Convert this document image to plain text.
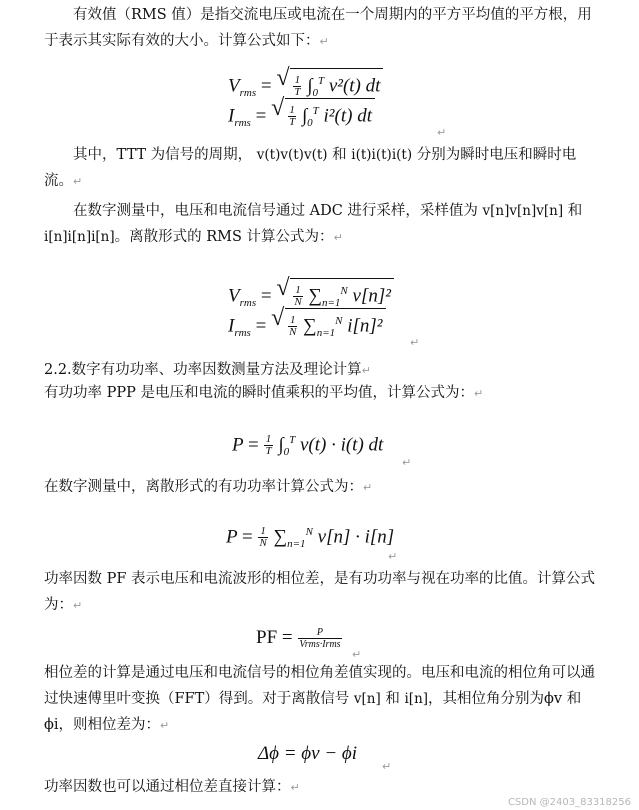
有效值（RMS 值）是指交流电压或电流在一个周期内的平方平均值的平方根，用于表示其实际有效的大小。计算公式如下：↵
$V_{rms}$ = √ $\frac{1}{T} \int_0^T$ v²(t) dt
$I_{rms}$ = √ $\frac{1}{T} \int_0^T$ i²(t) dt
↵
其中，TTT 为信号的周期， v(t)v(t)v(t) 和 i(t)i(t)i(t) 分别为瞬时电压和瞬时电流。↵
在数字测量中，电压和电流信号通过 ADC 进行采样，采样值为 v[n]v[n]v[n] 和 i[n]i[n]i[n]。离散形式的 RMS 计算公式为：↵
$V_{rms}$ = √ $\frac{1}{N} \sum_{n=1}^N$ v[n]²
$I_{rms}$ = √ $\frac{1}{N} \sum_{n=1}^N$ i[n]²
↵
2.2.数字有功功率、功率因数测量方法及理论计算↵
有功功率 PPP 是电压和电流的瞬时值乘积的平均值，计算公式为：↵
$P = \frac{1}{T} \int_0^T$ v(t) · i(t) dt
↵
在数字测量中，离散形式的有功功率计算公式为：↵
$P = \frac{1}{N} \sum_{n=1}^N$ v[n] · i[n]
↵
功率因数 PF 表示电压和电流波形的相位差，是有功功率与视在功率的比值。计算公式为：↵
PF = $\frac{P}{\text{Vrms·Irms}}$
↵
相位差的计算是通过电压和电流信号的相位角差值实现的。电压和电流的相位角可以通过快速傅里叶变换（FFT）得到。对于离散信号 v[n] 和 i[n]，其相位角分别为ϕv 和ϕi，则相位差为：↵
Δϕ = ϕv − ϕi
↵
功率因数也可以通过相位差直接计算：↵
CSDN @2403_83318256
